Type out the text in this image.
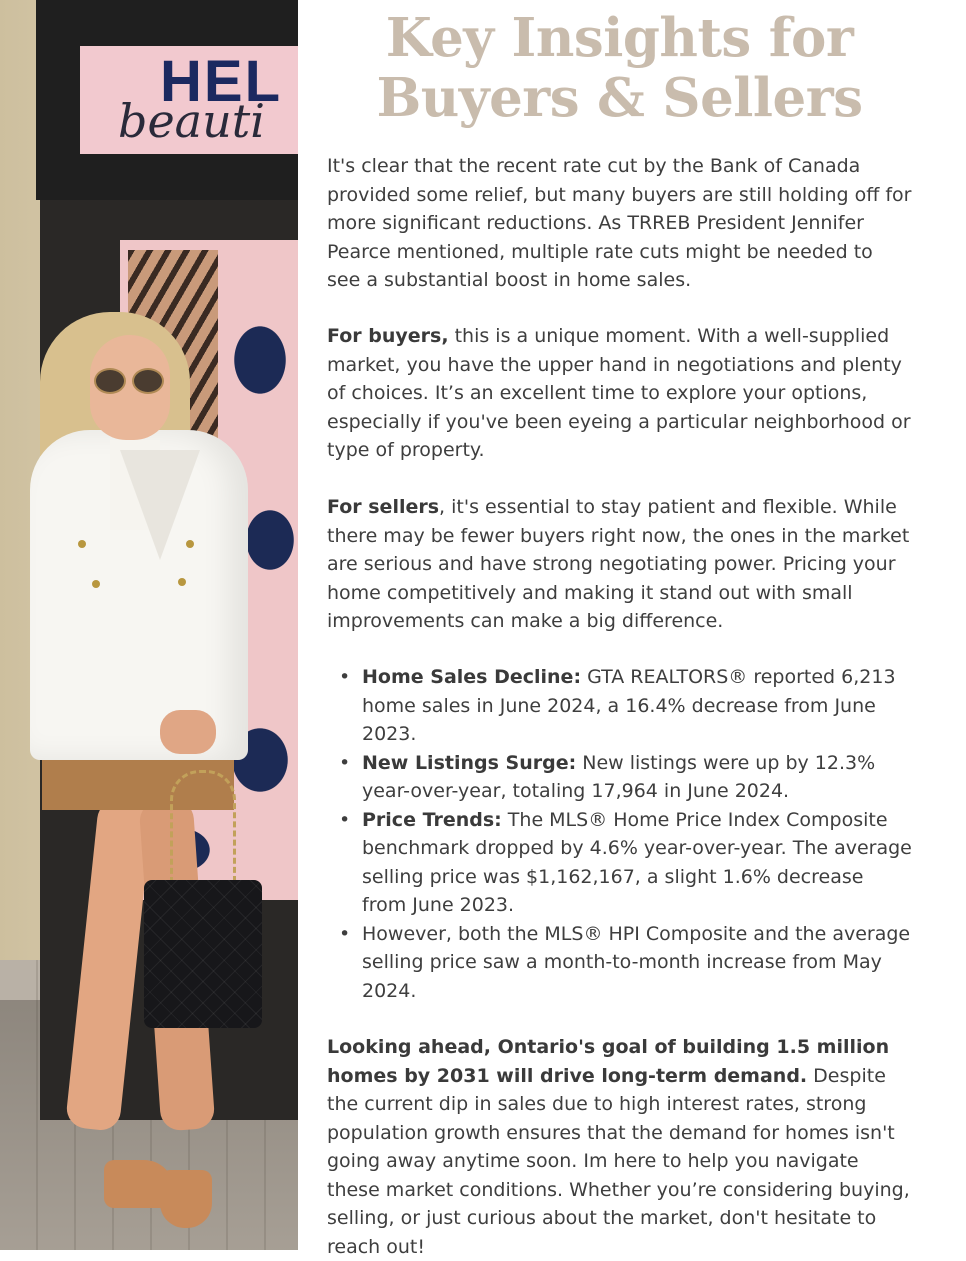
HEL
beauti
Key Insights for
Buyers & Sellers

It's clear that the recent rate cut by the Bank of Canada provided some relief, but many buyers are still holding off for more significant reductions. As TRREB President Jennifer Pearce mentioned, multiple rate cuts might be needed to see a substantial boost in home sales.

For buyers, this is a unique moment. With a well-supplied market, you have the upper hand in negotiations and plenty of choices. It’s an excellent time to explore your options, especially if you've been eyeing a particular neighborhood or type of property.

For sellers, it's essential to stay patient and flexible. While there may be fewer buyers right now, the ones in the market are serious and have strong negotiating power. Pricing your home competitively and making it stand out with small improvements can make a big difference.

• Home Sales Decline: GTA REALTORS® reported 6,213 home sales in June 2024, a 16.4% decrease from June 2023.
• New Listings Surge: New listings were up by 12.3% year-over-year, totaling 17,964 in June 2024.
• Price Trends: The MLS® Home Price Index Composite benchmark dropped by 4.6% year-over-year. The average selling price was $1,162,167, a slight 1.6% decrease from June 2023.
• However, both the MLS® HPI Composite and the average selling price saw a month-to-month increase from May 2024.

Looking ahead, Ontario's goal of building 1.5 million homes by 2031 will drive long-term demand. Despite the current dip in sales due to high interest rates, strong population growth ensures that the demand for homes isn't going away anytime soon. Im here to help you navigate these market conditions. Whether you’re considering buying, selling, or just curious about the market, don't hesitate to reach out!
